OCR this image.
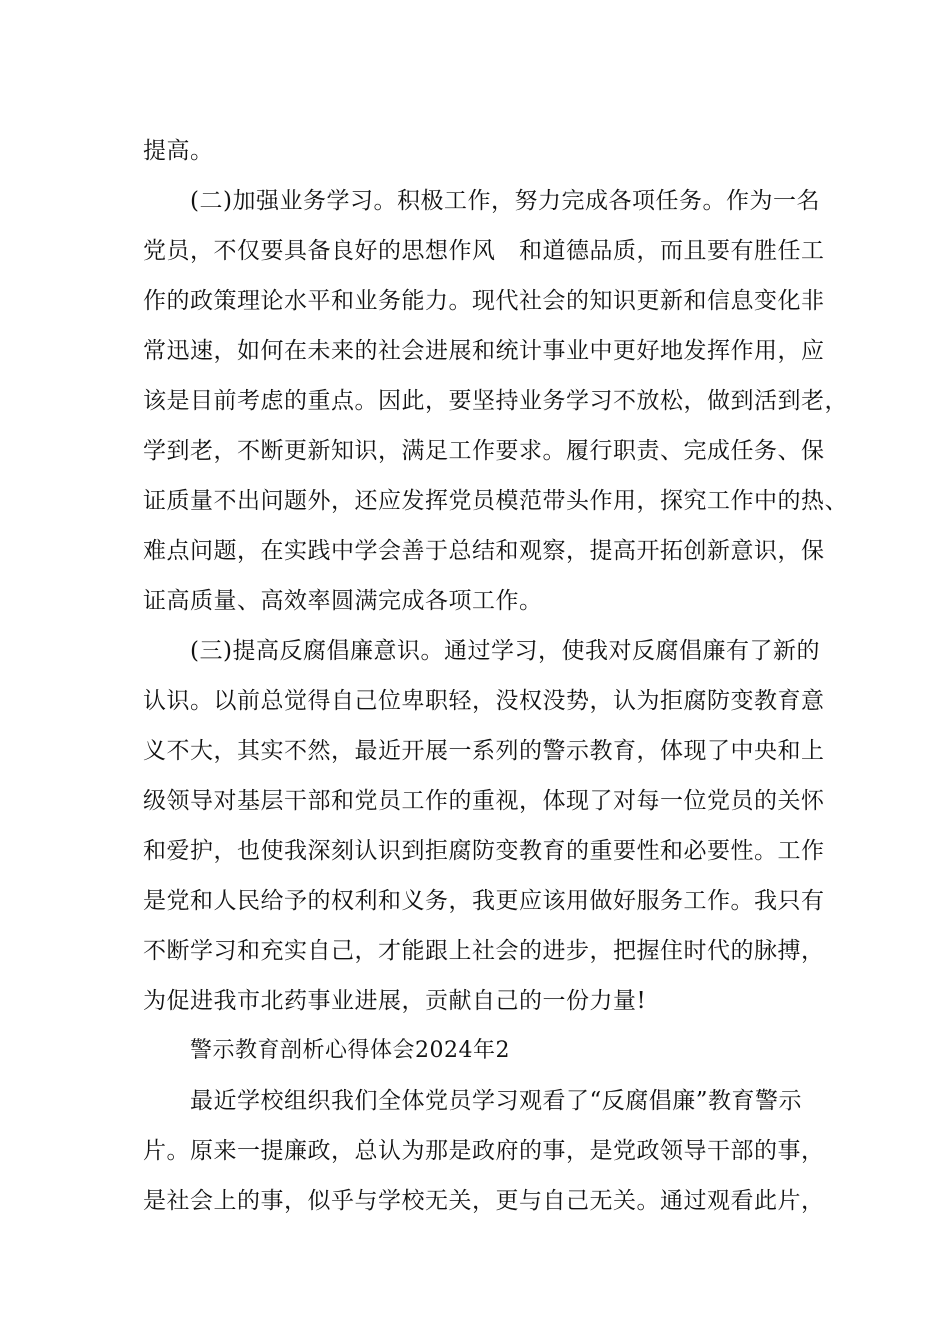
提高。
(二)加强业务学习。积极工作，努力完成各项任务。作为一名
党员，不仅要具备良好的思想作风　和道德品质，而且要有胜任工
作的政策理论水平和业务能力。现代社会的知识更新和信息变化非
常迅速，如何在未来的社会进展和统计事业中更好地发挥作用，应
该是目前考虑的重点。因此，要坚持业务学习不放松，做到活到老，
学到老，不断更新知识，满足工作要求。履行职责、完成任务、保
证质量不出问题外，还应发挥党员模范带头作用，探究工作中的热、
难点问题，在实践中学会善于总结和观察，提高开拓创新意识，保
证高质量、高效率圆满完成各项工作。
(三)提高反腐倡廉意识。通过学习，使我对反腐倡廉有了新的
认识。以前总觉得自己位卑职轻，没权没势，认为拒腐防变教育意
义不大，其实不然，最近开展一系列的警示教育，体现了中央和上
级领导对基层干部和党员工作的重视，体现了对每一位党员的关怀
和爱护，也使我深刻认识到拒腐防变教育的重要性和必要性。工作
是党和人民给予的权利和义务，我更应该用做好服务工作。我只有
不断学习和充实自己，才能跟上社会的进步，把握住时代的脉搏，
为促进我市北药事业进展，贡献自己的一份力量!
警示教育剖析心得体会2024年2
最近学校组织我们全体党员学习观看了“反腐倡廉”教育警示
片。原来一提廉政，总认为那是政府的事，是党政领导干部的事，
是社会上的事，似乎与学校无关，更与自己无关。通过观看此片，
